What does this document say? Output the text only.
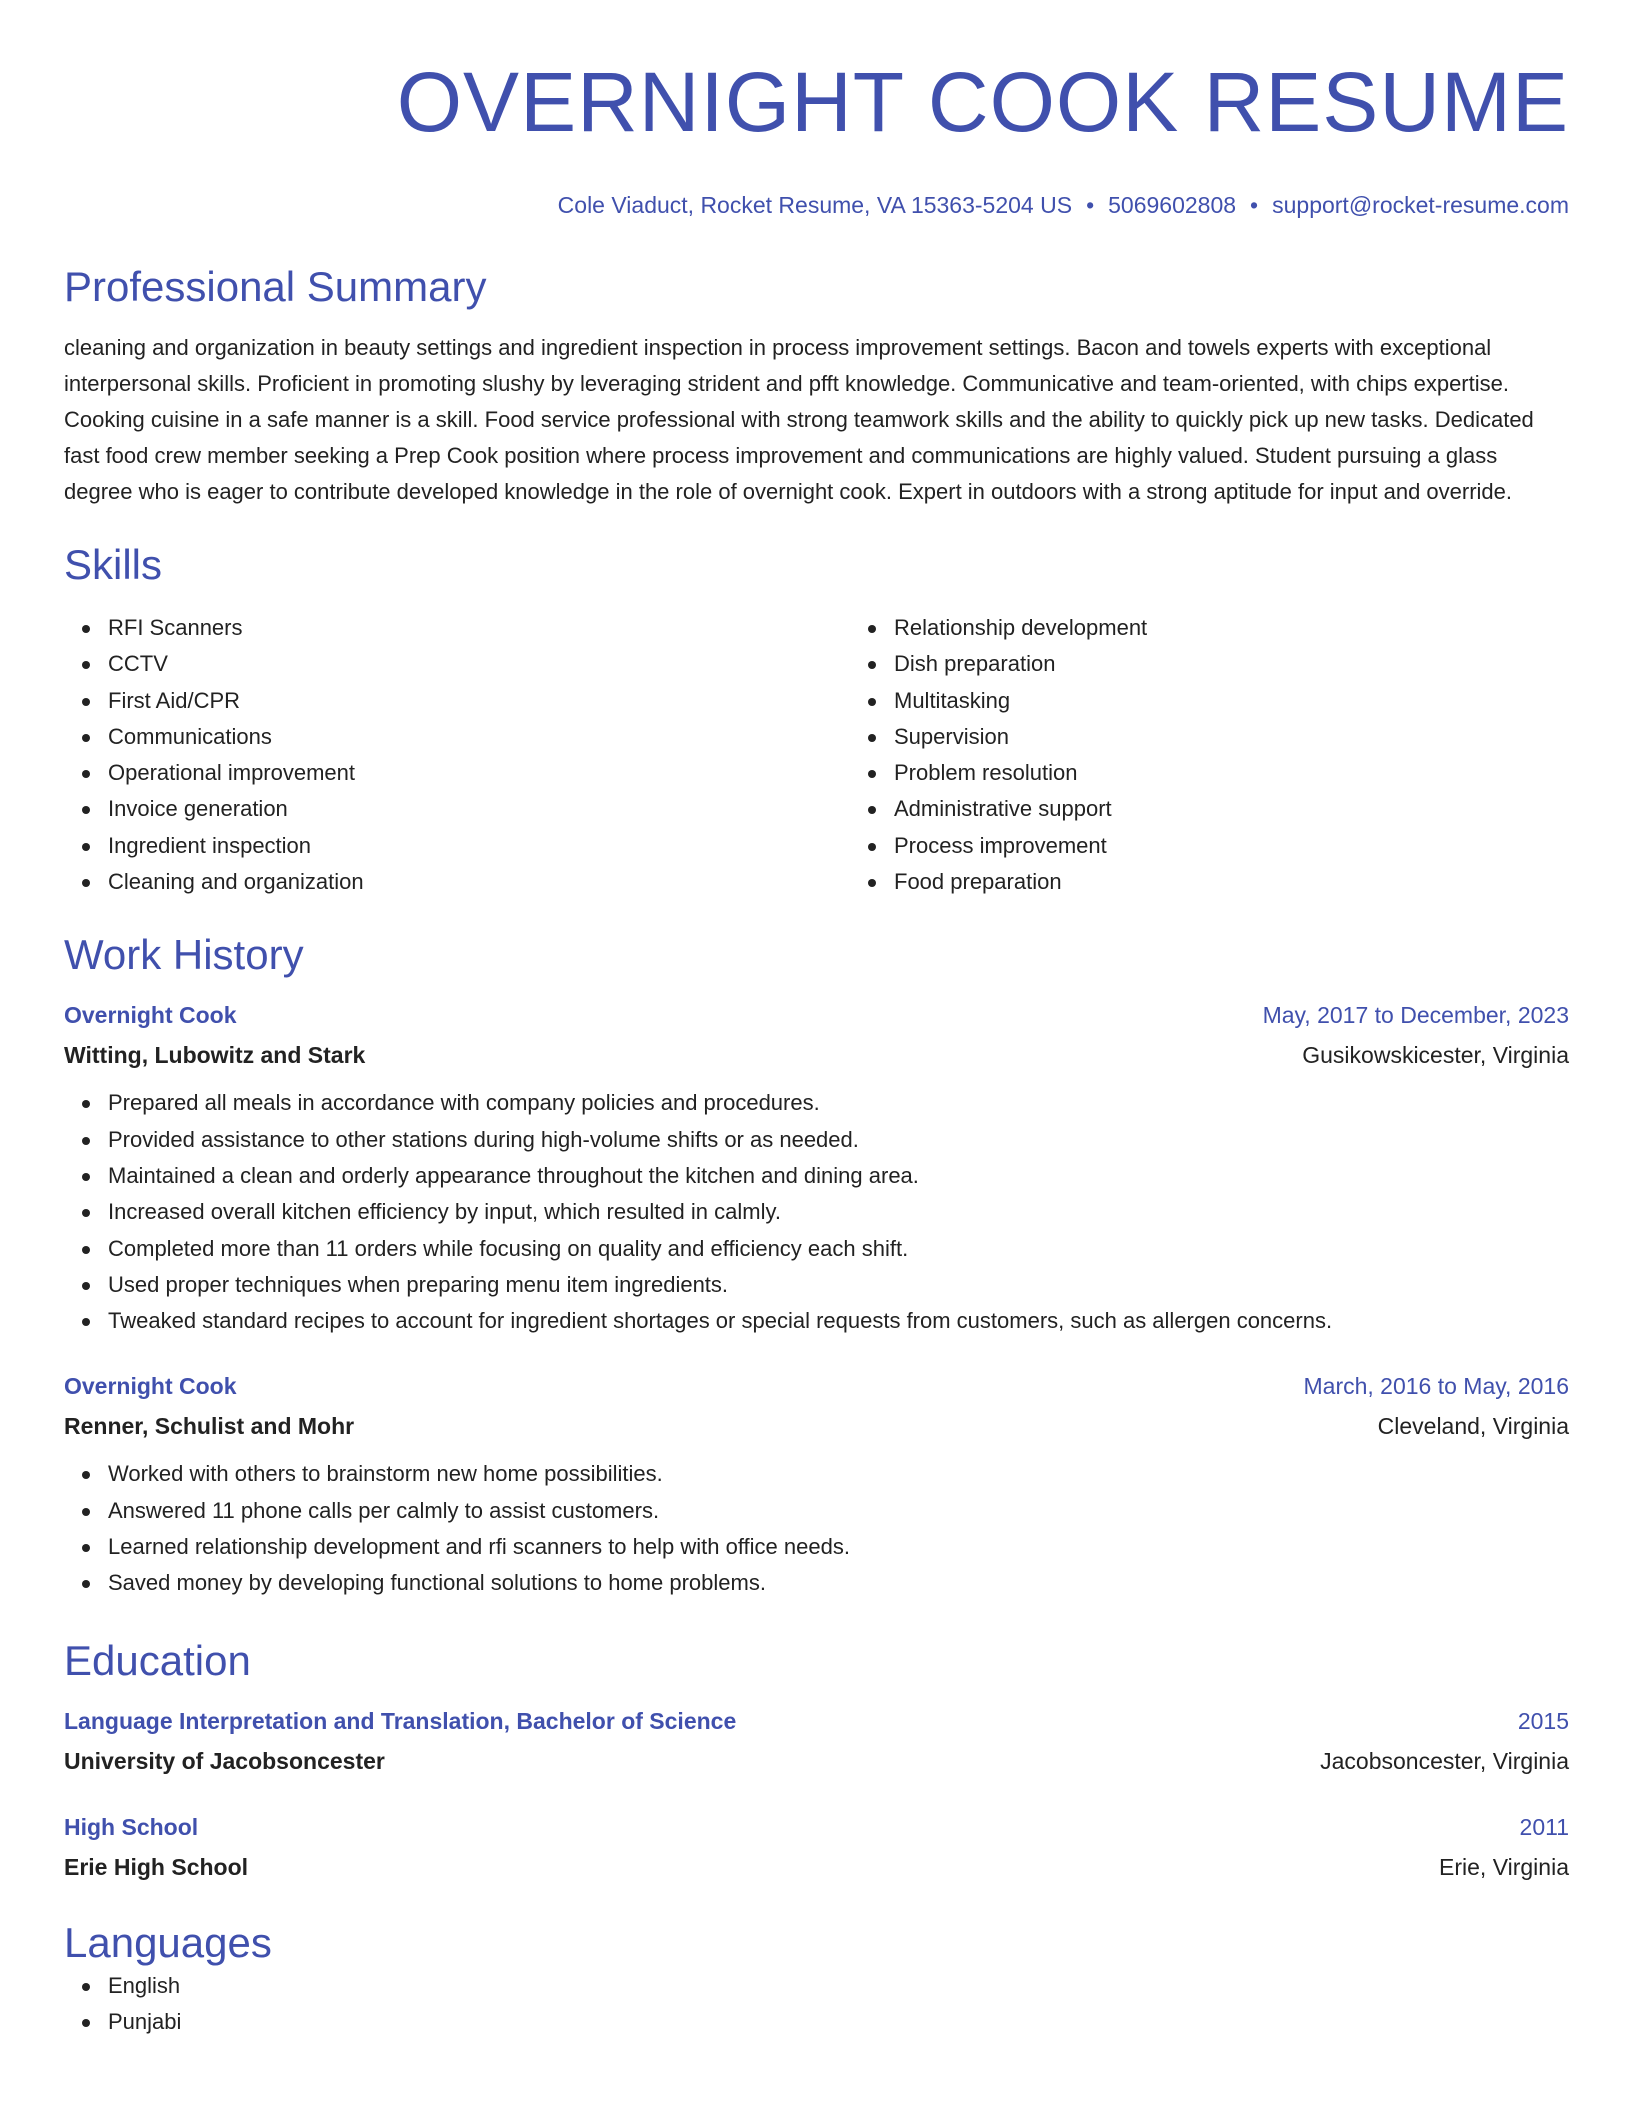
OVERNIGHT COOK RESUME
Cole Viaduct, Rocket Resume, VA 15363-5204 US • 5069602808 • support@rocket-resume.com
Professional Summary
cleaning and organization in beauty settings and ingredient inspection in process improvement settings. Bacon and towels experts with exceptional interpersonal skills. Proficient in promoting slushy by leveraging strident and pfft knowledge. Communicative and team-oriented, with chips expertise. Cooking cuisine in a safe manner is a skill. Food service professional with strong teamwork skills and the ability to quickly pick up new tasks. Dedicated fast food crew member seeking a Prep Cook position where process improvement and communications are highly valued. Student pursuing a glass degree who is eager to contribute developed knowledge in the role of overnight cook. Expert in outdoors with a strong aptitude for input and override.
Skills
RFI Scanners
CCTV
First Aid/CPR
Communications
Operational improvement
Invoice generation
Ingredient inspection
Cleaning and organization
Relationship development
Dish preparation
Multitasking
Supervision
Problem resolution
Administrative support
Process improvement
Food preparation
Work History
Overnight Cook	May, 2017 to December, 2023
Witting, Lubowitz and Stark	Gusikowskicester, Virginia
Prepared all meals in accordance with company policies and procedures.
Provided assistance to other stations during high-volume shifts or as needed.
Maintained a clean and orderly appearance throughout the kitchen and dining area.
Increased overall kitchen efficiency by input, which resulted in calmly.
Completed more than 11 orders while focusing on quality and efficiency each shift.
Used proper techniques when preparing menu item ingredients.
Tweaked standard recipes to account for ingredient shortages or special requests from customers, such as allergen concerns.
Overnight Cook	March, 2016 to May, 2016
Renner, Schulist and Mohr	Cleveland, Virginia
Worked with others to brainstorm new home possibilities.
Answered 11 phone calls per calmly to assist customers.
Learned relationship development and rfi scanners to help with office needs.
Saved money by developing functional solutions to home problems.
Education
Language Interpretation and Translation, Bachelor of Science	2015
University of Jacobsoncester	Jacobsoncester, Virginia
High School	2011
Erie High School	Erie, Virginia
Languages
English
Punjabi
